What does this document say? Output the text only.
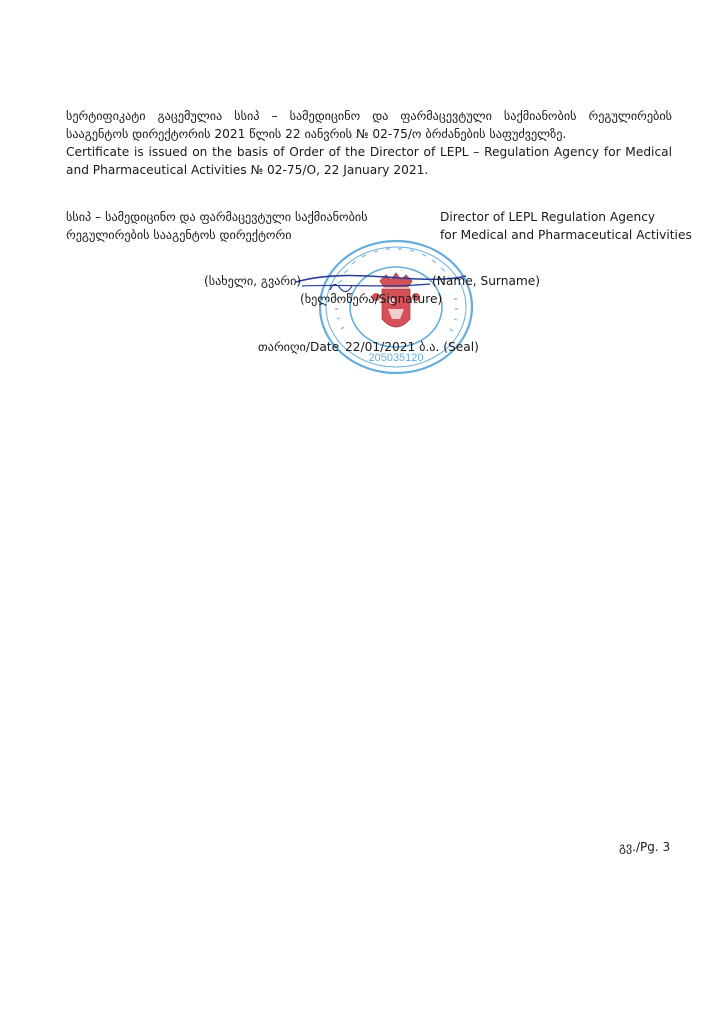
სერტიფიკატი გაცემულია სსიპ – სამედიცინო და ფარმაცევტული საქმიანობის რეგულირების სააგენტოს დირექტორის 2021 წლის 22 იანვრის № 02-75/ო ბრძანების საფუძველზე.

Certificate is issued on the basis of Order of the Director of LEPL – Regulation Agency for Medical and Pharmaceutical Activities № 02-75/O, 22 January 2021.

სსიპ – სამედიცინო და ფარმაცევტული საქმიანობის
რეგულირების სააგენტოს დირექტორი
Director of LEPL Regulation Agency
for Medical and Pharmaceutical Activities
205035120
(სახელი, გვარი)	(Name, Surname)
(ხელმოწერა/Signature)
თარიღი/Date 22/01/2021 ბ.ა. (Seal)
გვ./Pg. 3
